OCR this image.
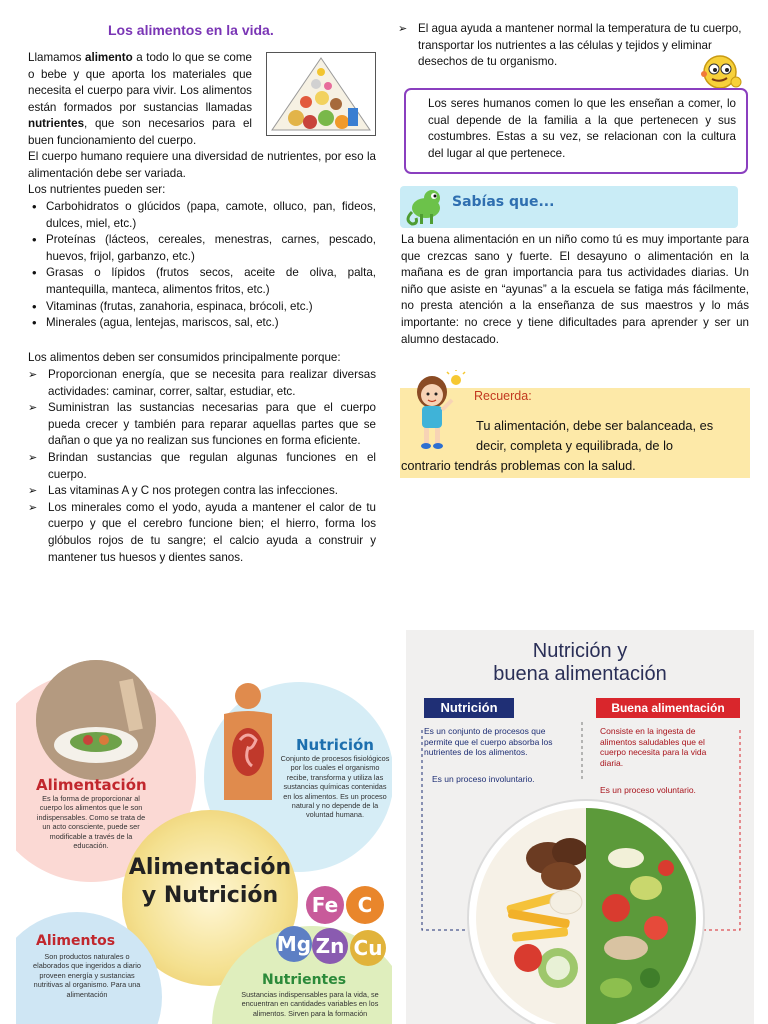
Los alimentos en la vida.
Llamamos alimento a todo lo que se come o bebe y que aporta los materiales que necesita el cuerpo para vivir. Los alimentos están formados por sustancias llamadas nutrientes, que son necesarios para el buen funcionamiento del cuerpo.
El cuerpo humano requiere una diversidad de nutrientes, por eso la alimentación debe ser variada.
Los nutrientes pueden ser:
• Carbohidratos o glúcidos (papa, camote, olluco, pan, fideos, dulces, miel, etc.)
• Proteínas (lácteos, cereales, menestras, carnes, pescado, huevos, frijol, garbanzo, etc.)
• Grasas o lípidos (frutos secos, aceite de oliva, palta, mantequilla, manteca, alimentos fritos, etc.)
• Vitaminas (frutas, zanahoria, espinaca, brócoli, etc.)
• Minerales (agua, lentejas, mariscos, sal, etc.)
Los alimentos deben ser consumidos principalmente porque:
➢ Proporcionan energía, que se necesita para realizar diversas actividades: caminar, correr, saltar, estudiar, etc.
➢ Suministran las sustancias necesarias para que el cuerpo pueda crecer y también para reparar aquellas partes que se dañan o que ya no realizan sus funciones en forma eficiente.
➢ Brindan sustancias que regulan algunas funciones en el cuerpo.
➢ Las vitaminas A y C nos protegen contra las infecciones.
➢ Los minerales como el yodo, ayuda a mantener el calor de tu cuerpo y que el cerebro funcione bien; el hierro, forma los glóbulos rojos de tu sangre; el calcio ayuda a construir y mantener tus huesos y dientes sanos.
➢ El agua ayuda a mantener normal la temperatura de tu cuerpo, transportar los nutrientes a las células y tejidos y eliminar desechos de tu organismo.
Los seres humanos comen lo que les enseñan a comer, lo cual depende de la familia a la que pertenecen y sus costumbres. Estas a su vez, se relacionan con la cultura del lugar al que pertenece.
Sabías que...
La buena alimentación en un niño como tú es muy importante para que crezcas sano y fuerte. El desayuno o alimentación en la mañana es de gran importancia para tus actividades diarias. Un niño que asiste en “ayunas” a la escuela se fatiga más fácilmente, no presta atención a la enseñanza de sus maestros y lo más importante: no crece y tiene dificultades para aprender y ser un alumno destacado.
Recuerda:
Tu alimentación, debe ser balanceada, es
decir, completa y equilibrada, de lo
contrario tendrás problemas con la salud.
Alimentación
Es la forma de proporcionar al cuerpo los alimentos que le son indispensables. Como se trata de un acto consciente, puede ser modificable a través de la educación.
Nutrición
Conjunto de procesos fisiológicos por los cuales el organismo recibe, transforma y utiliza las sustancias químicas contenidas en los alimentos. Es un proceso natural y no depende de la voluntad humana.
Alimentación
y Nutrición
Alimentos
Son productos naturales o elaborados que ingeridos a diario proveen energía y sustancias nutritivas al organismo. Para una alimentación
Fe C
Mg Zn Cu
Nutrientes
Sustancias indispensables para la vida, se encuentran en cantidades variables en los alimentos. Sirven para la formación
Nutrición y
buena alimentación
Nutrición	Buena alimentación
Es un conjunto de procesos que permite que el cuerpo absorba los nutrientes de los alimentos.
Es un proceso involuntario.
Consiste en la ingesta de alimentos saludables que el cuerpo necesita para la vida diaria.
Es un proceso voluntario.
